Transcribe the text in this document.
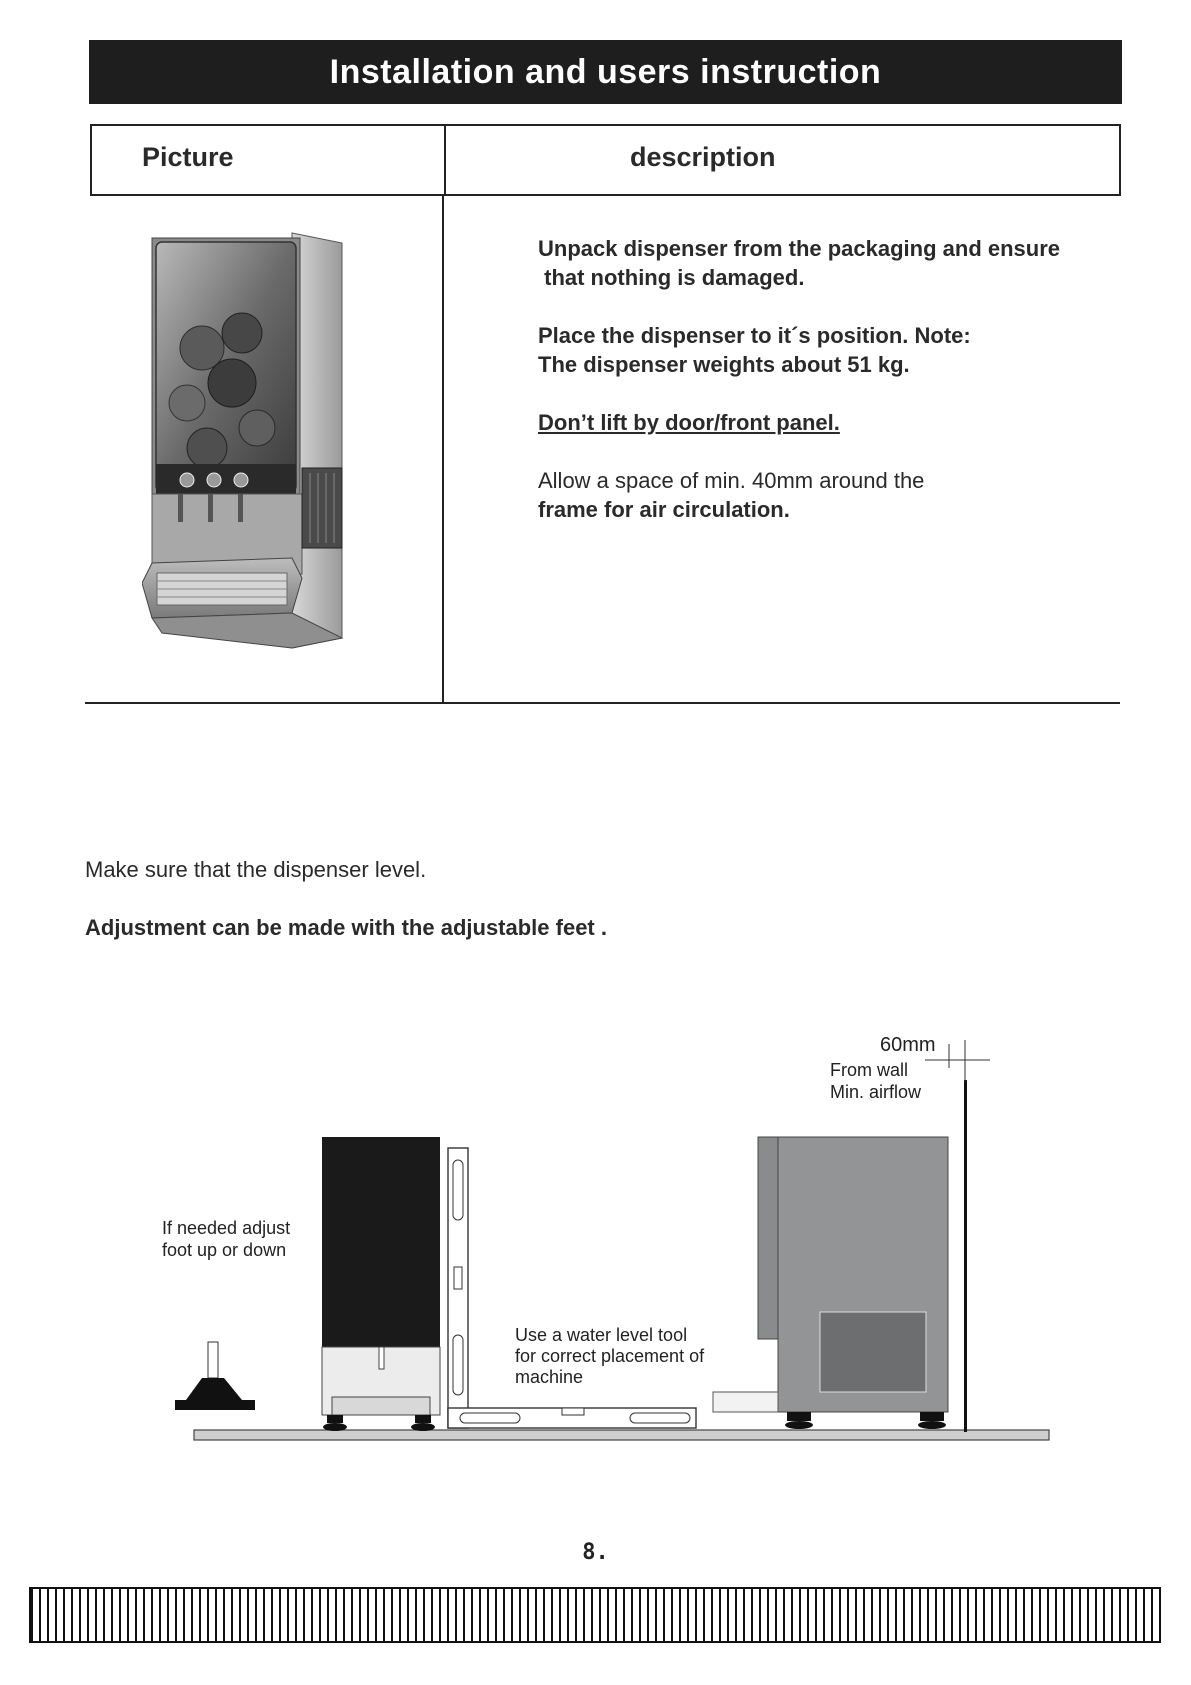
Installation and users instruction
Picture	description

Unpack dispenser from the packaging and ensure
that nothing is damaged.

Place the dispenser to it´s position. Note:
The dispenser weights about 51 kg.

Don’t lift by door/front panel.

Allow a space of min. 40mm around the
frame for air circulation.

Make sure that the dispenser level.
Adjustment can be made with the adjustable feet .
60mm
From wall
Min. airflow
If needed adjust
foot up or down
Use a water level tool
for correct placement of
machine
8.
